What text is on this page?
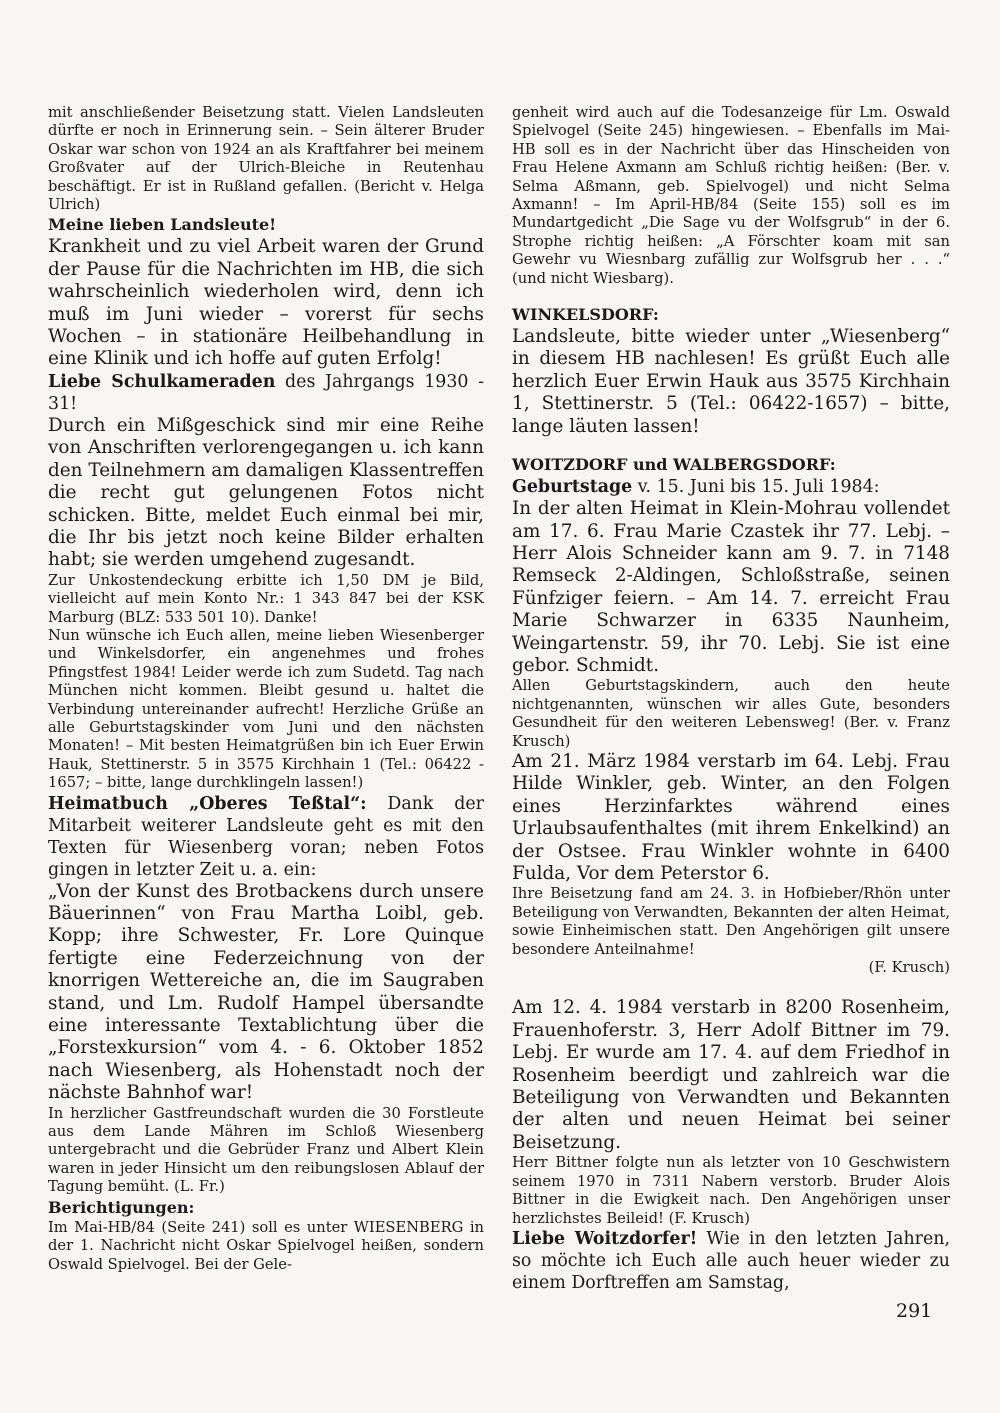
mit anschließender Beisetzung statt. Vielen Landsleuten dürfte er noch in Erinnerung sein. – Sein älterer Bruder Oskar war schon von 1924 an als Kraftfahrer bei meinem Großvater auf der Ulrich-Bleiche in Reutenhau beschäftigt. Er ist in Rußland gefallen. (Bericht v. Helga Ulrich)

Meine lieben Landsleute!

Krankheit und zu viel Arbeit waren der Grund der Pause für die Nachrichten im HB, die sich wahrscheinlich wiederholen wird, denn ich muß im Juni wieder – vorerst für sechs Wochen – in stationäre Heilbehandlung in eine Klinik und ich hoffe auf guten Erfolg!

Liebe Schulkameraden des Jahrgangs 1930 - 31!

Durch ein Mißgeschick sind mir eine Reihe von Anschriften verlorengegangen u. ich kann den Teilnehmern am damaligen Klassentreffen die recht gut gelungenen Fotos nicht schicken. Bitte, meldet Euch einmal bei mir, die Ihr bis jetzt noch keine Bilder erhalten habt; sie werden umgehend zugesandt.

Zur Unkostendeckung erbitte ich 1,50 DM je Bild, vielleicht auf mein Konto Nr.: 1 343 847 bei der KSK Marburg (BLZ: 533 501 10). Danke!

Nun wünsche ich Euch allen, meine lieben Wiesenberger und Winkelsdorfer, ein angenehmes und frohes Pfingstfest 1984! Leider werde ich zum Sudetd. Tag nach München nicht kommen. Bleibt gesund u. haltet die Verbindung untereinander aufrecht! Herzliche Grüße an alle Geburtstagskinder vom Juni und den nächsten Monaten! – Mit besten Heimatgrüßen bin ich Euer Erwin Hauk, Stettinerstr. 5 in 3575 Kirchhain 1 (Tel.: 06422 - 1657; – bitte, lange durchklingeln lassen!)

Heimatbuch „Oberes Teßtal“: Dank der Mitarbeit weiterer Landsleute geht es mit den Texten für Wiesenberg voran; neben Fotos gingen in letzter Zeit u. a. ein:

„Von der Kunst des Brotbackens durch unsere Bäuerinnen“ von Frau Martha Loibl, geb. Kopp; ihre Schwester, Fr. Lore Quinque fertigte eine Federzeichnung von der knorrigen Wettereiche an, die im Saugraben stand, und Lm. Rudolf Hampel übersandte eine interessante Textablichtung über die „Forstexkursion“ vom 4. - 6. Oktober 1852 nach Wiesenberg, als Hohenstadt noch der nächste Bahnhof war!

In herzlicher Gastfreundschaft wurden die 30 Forstleute aus dem Lande Mähren im Schloß Wiesenberg untergebracht und die Gebrüder Franz und Albert Klein waren in jeder Hinsicht um den reibungslosen Ablauf der Tagung bemüht. (L. Fr.)

Berichtigungen:

Im Mai-HB/84 (Seite 241) soll es unter WIESENBERG in der 1. Nachricht nicht Oskar Spielvogel heißen, sondern Oswald Spielvogel. Bei der Gele-

genheit wird auch auf die Todesanzeige für Lm. Oswald Spielvogel (Seite 245) hingewiesen. – Ebenfalls im Mai-HB soll es in der Nachricht über das Hinscheiden von Frau Helene Axmann am Schluß richtig heißen: (Ber. v. Selma Aßmann, geb. Spielvogel) und nicht Selma Axmann! – Im April-HB/84 (Seite 155) soll es im Mundartgedicht „Die Sage vu der Wolfsgrub“ in der 6. Strophe richtig heißen: „A Förschter koam mit san Gewehr vu Wiesnbarg zufällig zur Wolfsgrub her . . .“ (und nicht Wiesbarg).

WINKELSDORF:

Landsleute, bitte wieder unter „Wiesenberg“ in diesem HB nachlesen! Es grüßt Euch alle herzlich Euer Erwin Hauk aus 3575 Kirchhain 1, Stettinerstr. 5 (Tel.: 06422-1657) – bitte, lange läuten lassen!

WOITZDORF und WALBERGSDORF:

Geburtstage v. 15. Juni bis 15. Juli 1984:

In der alten Heimat in Klein-Mohrau vollendet am 17. 6. Frau Marie Czastek ihr 77. Lebj. – Herr Alois Schneider kann am 9. 7. in 7148 Remseck 2-Aldingen, Schloßstraße, seinen Fünfziger feiern. – Am 14. 7. erreicht Frau Marie Schwarzer in 6335 Naunheim, Weingartenstr. 59, ihr 70. Lebj. Sie ist eine gebor. Schmidt.

Allen Geburtstagskindern, auch den heute nichtgenannten, wünschen wir alles Gute, besonders Gesundheit für den weiteren Lebensweg! (Ber. v. Franz Krusch)

Am 21. März 1984 verstarb im 64. Lebj. Frau Hilde Winkler, geb. Winter, an den Folgen eines Herzinfarktes während eines Urlaubsaufenthaltes (mit ihrem Enkelkind) an der Ostsee. Frau Winkler wohnte in 6400 Fulda, Vor dem Peterstor 6.

Ihre Beisetzung fand am 24. 3. in Hofbieber/Rhön unter Beteiligung von Verwandten, Bekannten der alten Heimat, sowie Einheimischen statt. Den Angehörigen gilt unsere besondere Anteilnahme!

(F. Krusch)

Am 12. 4. 1984 verstarb in 8200 Rosenheim, Frauenhoferstr. 3, Herr Adolf Bittner im 79. Lebj. Er wurde am 17. 4. auf dem Friedhof in Rosenheim beerdigt und zahlreich war die Beteiligung von Verwandten und Bekannten der alten und neuen Heimat bei seiner Beisetzung.

Herr Bittner folgte nun als letzter von 10 Geschwistern seinem 1970 in 7311 Nabern verstorb. Bruder Alois Bittner in die Ewigkeit nach. Den Angehörigen unser herzlichstes Beileid! (F. Krusch)

Liebe Woitzdorfer! Wie in den letzten Jahren, so möchte ich Euch alle auch heuer wieder zu einem Dorftreffen am Samstag,

291
